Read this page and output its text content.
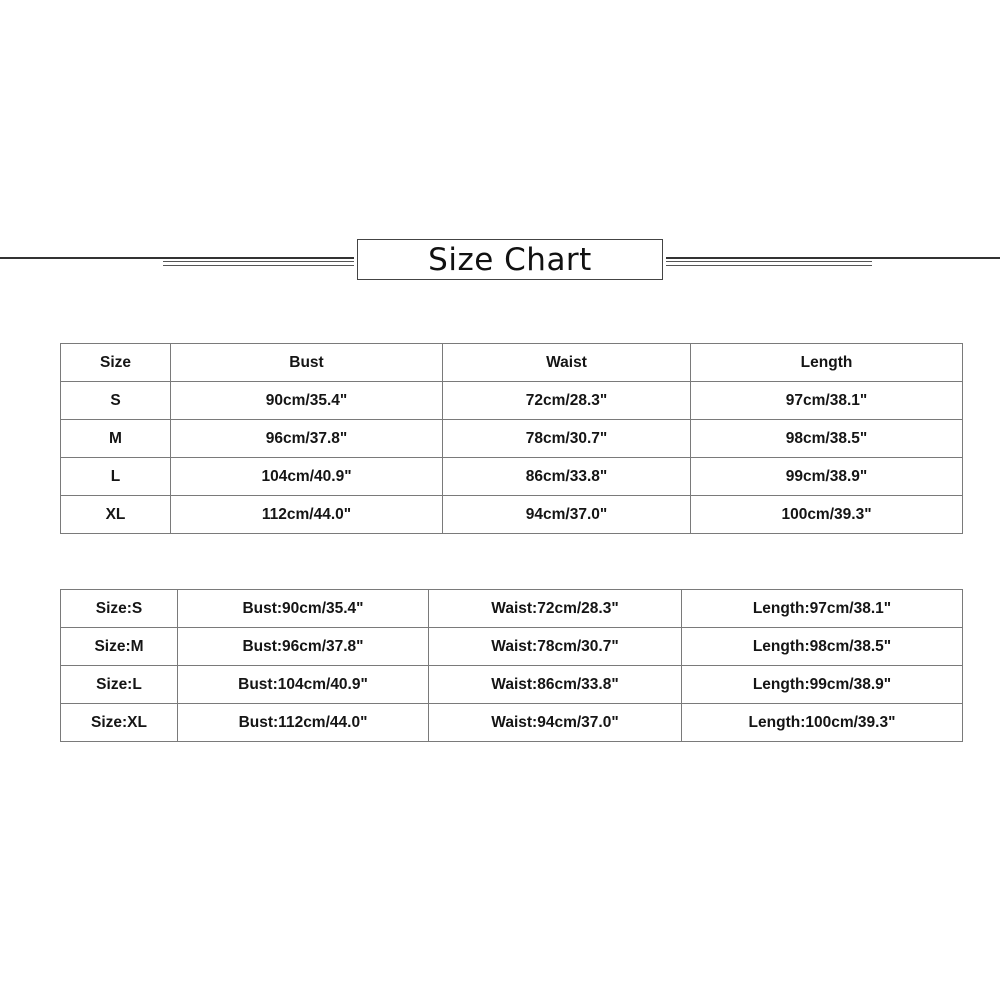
Size Chart
Size	Bust	Waist	Length
S	90cm/35.4"	72cm/28.3"	97cm/38.1"
M	96cm/37.8"	78cm/30.7"	98cm/38.5"
L	104cm/40.9"	86cm/33.8"	99cm/38.9"
XL	112cm/44.0"	94cm/37.0"	100cm/39.3"
Size:S	Bust:90cm/35.4"	Waist:72cm/28.3"	Length:97cm/38.1"
Size:M	Bust:96cm/37.8"	Waist:78cm/30.7"	Length:98cm/38.5"
Size:L	Bust:104cm/40.9"	Waist:86cm/33.8"	Length:99cm/38.9"
Size:XL	Bust:112cm/44.0"	Waist:94cm/37.0"	Length:100cm/39.3"
